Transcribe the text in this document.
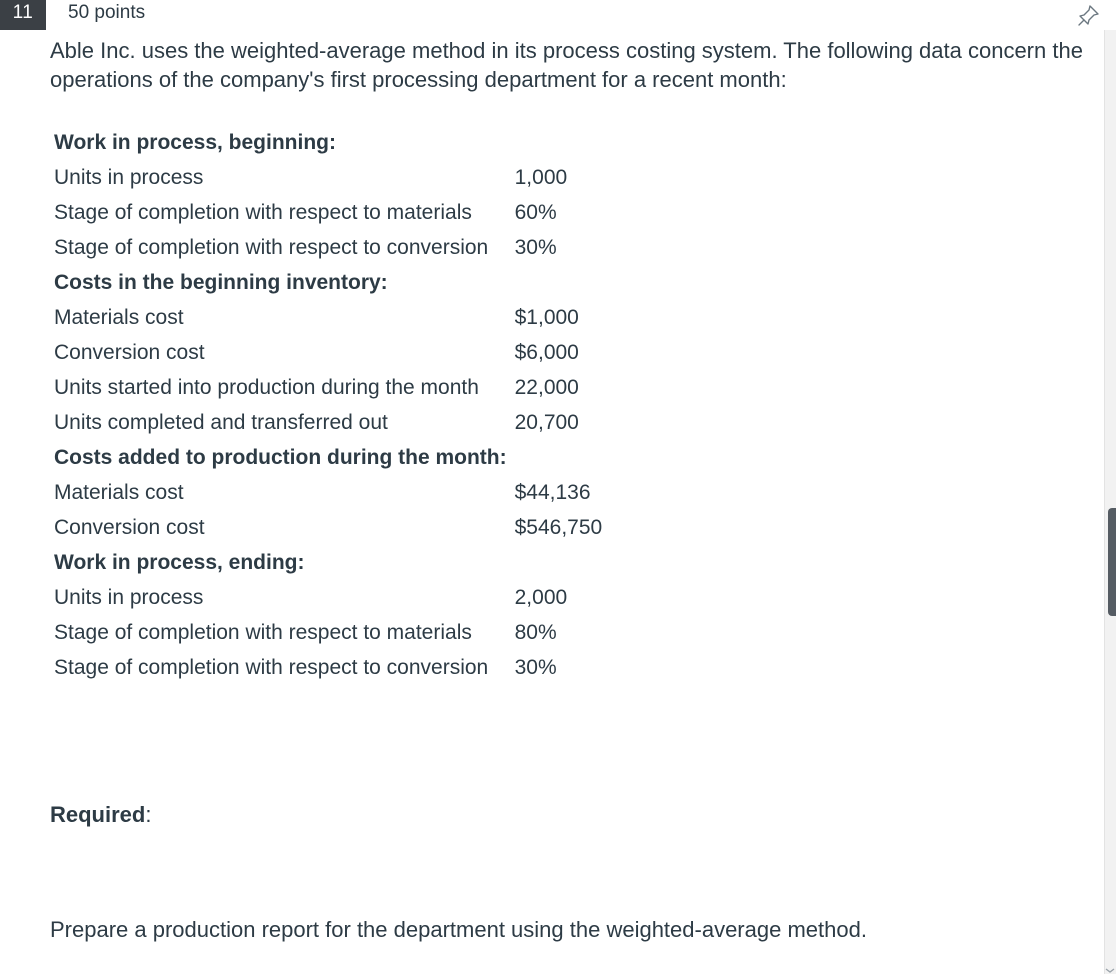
11	50 points

Able Inc. uses the weighted-average method in its process costing system. The following data concern the operations of the company's first processing department for a recent month:

Work in process, beginning:	
Units in process	1,000
Stage of completion with respect to materials	60%
Stage of completion with respect to conversion	30%
Costs in the beginning inventory:	
Materials cost	$1,000
Conversion cost	$6,000
Units started into production during the month	22,000
Units completed and transferred out	20,700
Costs added to production during the month:	
Materials cost	$44,136
Conversion cost	$546,750
Work in process, ending:	
Units in process	2,000
Stage of completion with respect to materials	80%
Stage of completion with respect to conversion	30%
Required:
Prepare a production report for the department using the weighted-average method.
